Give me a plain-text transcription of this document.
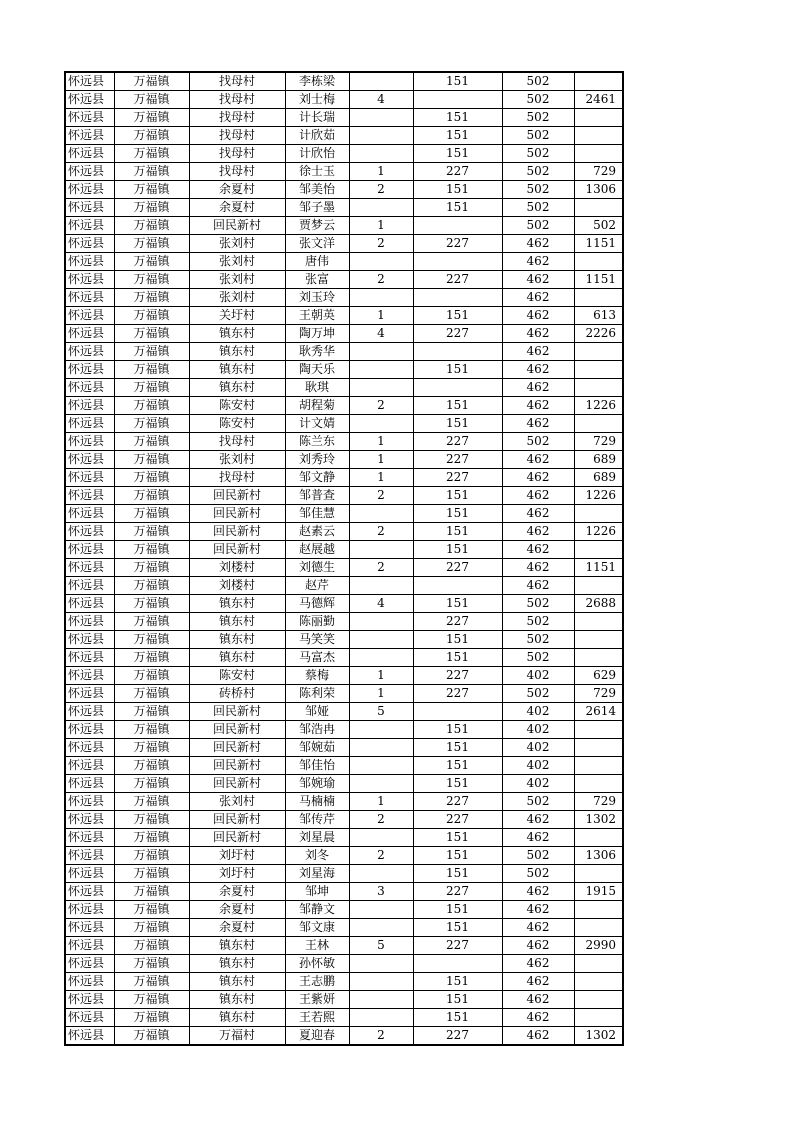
怀远县	万福镇	找母村	李栋梁		151	502	
怀远县	万福镇	找母村	刘士梅	4		502	2461
怀远县	万福镇	找母村	计长瑞		151	502	
怀远县	万福镇	找母村	计欣茹		151	502	
怀远县	万福镇	找母村	计欣怡		151	502	
怀远县	万福镇	找母村	徐士玉	1	227	502	729
怀远县	万福镇	余夏村	邹美怡	2	151	502	1306
怀远县	万福镇	余夏村	邹子墨		151	502	
怀远县	万福镇	回民新村	贾梦云	1		502	502
怀远县	万福镇	张刘村	张文洋	2	227	462	1151
怀远县	万福镇	张刘村	唐伟			462	
怀远县	万福镇	张刘村	张富	2	227	462	1151
怀远县	万福镇	张刘村	刘玉玲			462	
怀远县	万福镇	关圩村	王朝英	1	151	462	613
怀远县	万福镇	镇东村	陶万坤	4	227	462	2226
怀远县	万福镇	镇东村	耿秀华			462	
怀远县	万福镇	镇东村	陶天乐		151	462	
怀远县	万福镇	镇东村	耿琪			462	
怀远县	万福镇	陈安村	胡程菊	2	151	462	1226
怀远县	万福镇	陈安村	计文婧		151	462	
怀远县	万福镇	找母村	陈兰东	1	227	502	729
怀远县	万福镇	张刘村	刘秀玲	1	227	462	689
怀远县	万福镇	找母村	邹文静	1	227	462	689
怀远县	万福镇	回民新村	邹普查	2	151	462	1226
怀远县	万福镇	回民新村	邹佳慧		151	462	
怀远县	万福镇	回民新村	赵素云	2	151	462	1226
怀远县	万福镇	回民新村	赵展越		151	462	
怀远县	万福镇	刘楼村	刘德生	2	227	462	1151
怀远县	万福镇	刘楼村	赵芹			462	
怀远县	万福镇	镇东村	马德辉	4	151	502	2688
怀远县	万福镇	镇东村	陈丽勤		227	502	
怀远县	万福镇	镇东村	马笑笑		151	502	
怀远县	万福镇	镇东村	马富杰		151	502	
怀远县	万福镇	陈安村	蔡梅	1	227	402	629
怀远县	万福镇	砖桥村	陈利荣	1	227	502	729
怀远县	万福镇	回民新村	邹娅	5		402	2614
怀远县	万福镇	回民新村	邹浩冉		151	402	
怀远县	万福镇	回民新村	邹婉茹		151	402	
怀远县	万福镇	回民新村	邹佳怡		151	402	
怀远县	万福镇	回民新村	邹婉瑜		151	402	
怀远县	万福镇	张刘村	马楠楠	1	227	502	729
怀远县	万福镇	回民新村	邹传芹	2	227	462	1302
怀远县	万福镇	回民新村	刘星晨		151	462	
怀远县	万福镇	刘圩村	刘冬	2	151	502	1306
怀远县	万福镇	刘圩村	刘星海		151	502	
怀远县	万福镇	余夏村	邹坤	3	227	462	1915
怀远县	万福镇	余夏村	邹静文		151	462	
怀远县	万福镇	余夏村	邹文康		151	462	
怀远县	万福镇	镇东村	王林	5	227	462	2990
怀远县	万福镇	镇东村	孙怀敏			462	
怀远县	万福镇	镇东村	王志鹏		151	462	
怀远县	万福镇	镇东村	王紫妍		151	462	
怀远县	万福镇	镇东村	王若熙		151	462	
怀远县	万福镇	万福村	夏迎春	2	227	462	1302
